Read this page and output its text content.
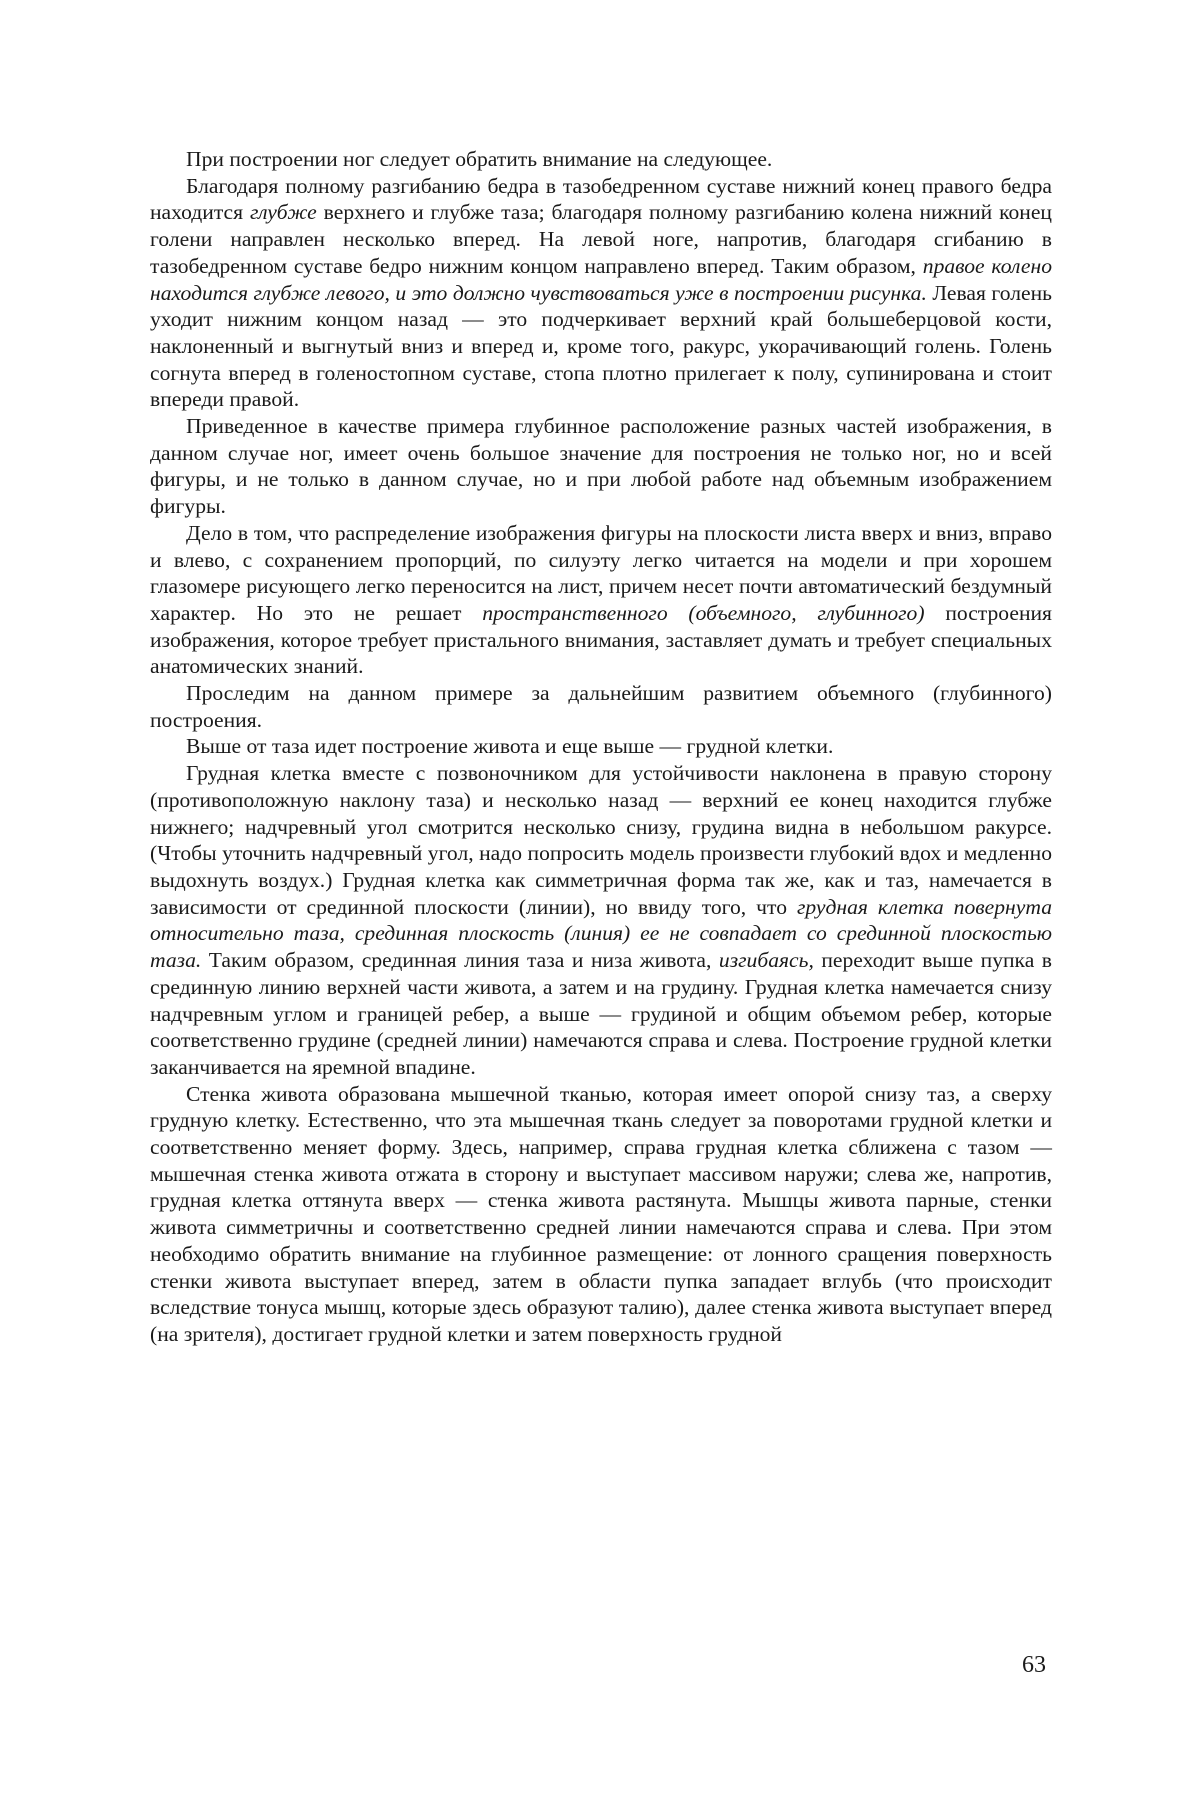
При построении ног следует обратить внимание на следующее.

Благодаря полному разгибанию бедра в тазобедренном суставе нижний конец правого бедра находится глубже верхнего и глубже таза; благодаря полному разгибанию колена нижний конец голени направлен несколько вперед. На левой ноге, напротив, благодаря сгибанию в тазобедренном суставе бедро нижним концом направлено вперед. Таким образом, правое колено находится глубже левого, и это должно чувствоваться уже в построении рисунка. Левая голень уходит нижним концом назад — это подчеркивает верхний край большеберцовой кости, наклоненный и выгнутый вниз и вперед и, кроме того, ракурс, укорачивающий голень. Голень согнута вперед в голеностопном суставе, стопа плотно прилегает к полу, супинирована и стоит впереди правой.

Приведенное в качестве примера глубинное расположение разных частей изображения, в данном случае ног, имеет очень большое значение для построения не только ног, но и всей фигуры, и не только в данном случае, но и при любой работе над объемным изображением фигуры.

Дело в том, что распределение изображения фигуры на плоскости листа вверх и вниз, вправо и влево, с сохранением пропорций, по силуэту легко читается на модели и при хорошем глазомере рисующего легко переносится на лист, причем несет почти автоматический бездумный характер. Но это не решает пространственного (объемного, глубинного) построения изображения, которое требует пристального внимания, заставляет думать и требует специальных анатомических знаний.

Проследим на данном примере за дальнейшим развитием объемного (глубинного) построения.

Выше от таза идет построение живота и еще выше — грудной клетки.

Грудная клетка вместе с позвоночником для устойчивости наклонена в правую сторону (противоположную наклону таза) и несколько назад — верхний ее конец находится глубже нижнего; надчревный угол смотрится несколько снизу, грудина видна в небольшом ракурсе. (Чтобы уточнить надчревный угол, надо попросить модель произвести глубокий вдох и медленно выдохнуть воздух.) Грудная клетка как симметричная форма так же, как и таз, намечается в зависимости от срединной плоскости (линии), но ввиду того, что грудная клетка повернута относительно таза, срединная плоскость (линия) ее не совпадает со срединной плоскостью таза. Таким образом, срединная линия таза и низа живота, изгибаясь, переходит выше пупка в срединную линию верхней части живота, а затем и на грудину. Грудная клетка намечается снизу надчревным углом и границей ребер, а выше — грудиной и общим объемом ребер, которые соответственно грудине (средней линии) намечаются справа и слева. Построение грудной клетки заканчивается на яремной впадине.

Стенка живота образована мышечной тканью, которая имеет опорой снизу таз, а сверху грудную клетку. Естественно, что эта мышечная ткань следует за поворотами грудной клетки и соответственно меняет форму. Здесь, например, справа грудная клетка сближена с тазом — мышечная стенка живота отжата в сторону и выступает массивом наружи; слева же, напротив, грудная клетка оттянута вверх — стенка живота растянута. Мышцы живота парные, стенки живота симметричны и соответственно средней линии намечаются справа и слева. При этом необходимо обратить внимание на глубинное размещение: от лонного сращения поверхность стенки живота выступает вперед, затем в области пупка западает вглубь (что происходит вследствие тонуса мышц, которые здесь образуют талию), далее стенка живота выступает вперед (на зрителя), достигает грудной клетки и затем поверхность грудной

63
